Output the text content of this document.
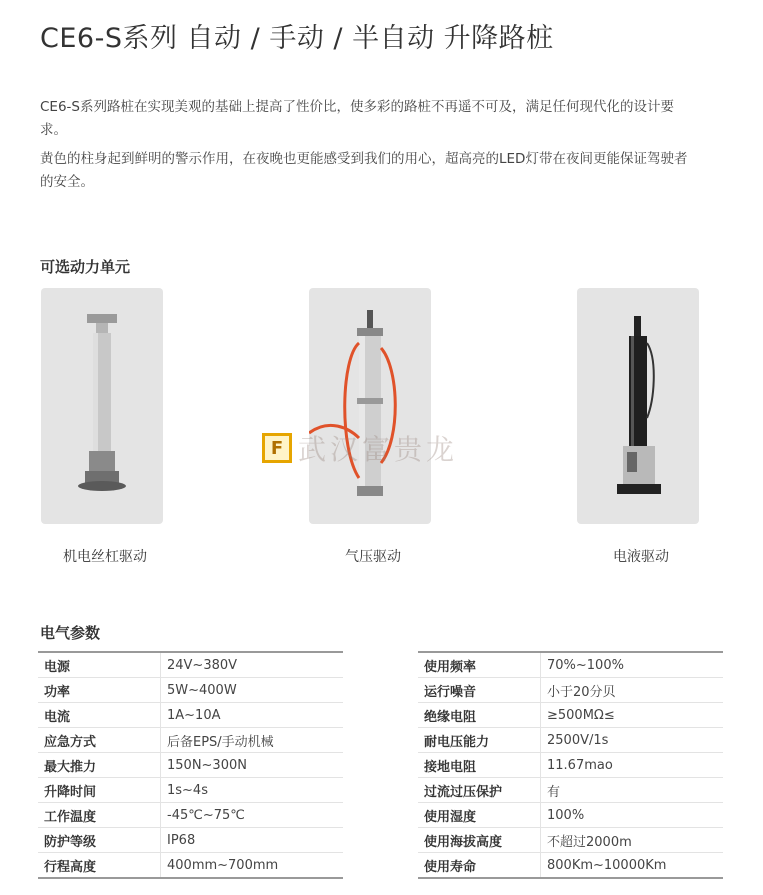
CE6-S系列 自动 / 手动 / 半自动 升降路桩

CE6-S系列路桩在实现美观的基础上提高了性价比，使多彩的路桩不再遥不可及，满足任何现代化的设计要求。

黄色的柱身起到鲜明的警示作用，在夜晚也更能感受到我们的用心，超高亮的LED灯带在夜间更能保证驾驶者的安全。

可选动力单元
机电丝杠驱动	气压驱动	电液驱动
F 武汉富贵龙
电气参数
电源	24V~380V
功率	5W~400W
电流	1A~10A
应急方式	后备EPS/手动机械
最大推力	150N~300N
升降时间	1s~4s
工作温度	-45℃~75℃
防护等级	IP68
行程高度	400mm~700mm
使用频率	70%~100%
运行噪音	小于20分贝
绝缘电阻	≥500MΩ≤
耐电压能力	2500V/1s
接地电阻	11.67mao
过流过压保护	有
使用湿度	100%
使用海拔高度	不超过2000m
使用寿命	800Km~10000Km
